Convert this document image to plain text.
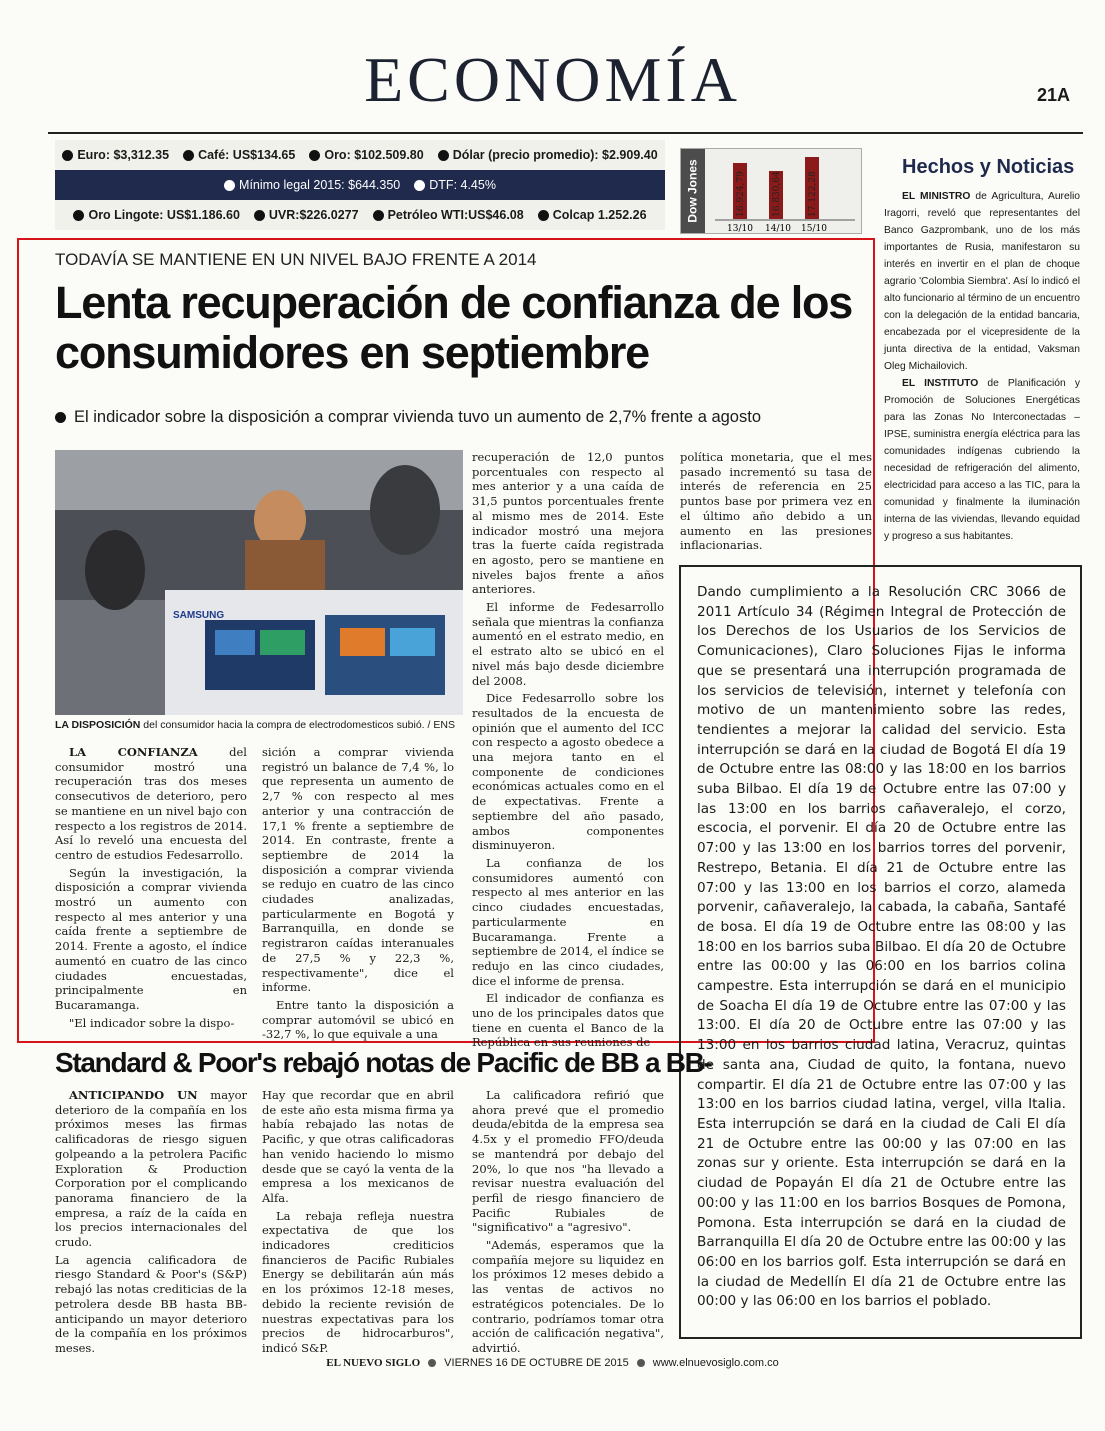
ECONOMÍA	21A
Euro: $3,312.35 Café: US$134.65 Oro: $102.509.80 Dólar (precio promedio): $2.909.40
Mínimo legal 2015: $644.350 DTF: 4.45%
Oro Lingote: US$1.186.60 UVR:$226.0277 Petróleo WTI:US$46.08 Colcap 1.252.26	Dow Jones	16.924,79	16.830,64	17.122,28
13/10 14/10 15/10
Hechos y Noticias

EL MINISTRO de Agricultura, Aurelio Iragorri, reveló que representantes del Banco Gazprombank, uno de los más importantes de Rusia, manifestaron su interés en invertir en el plan de choque agrario 'Colombia Siembra'. Así lo indicó el alto funcionario al término de un encuentro con la delegación de la entidad bancaria, encabezada por el vicepresidente de la junta directiva de la entidad, Vaksman Oleg Michailovich.

EL INSTITUTO de Planificación y Promoción de Soluciones Energéticas para las Zonas No Interconectadas – IPSE, suministra energía eléctrica para las comunidades indígenas cubriendo la necesidad de refrigeración del alimento, electricidad para acceso a las TIC, para la comunidad y finalmente la iluminación interna de las viviendas, llevando equidad y progreso a sus habitantes.

TODAVÍA SE MANTIENE EN UN NIVEL BAJO FRENTE A 2014
Lenta recuperación de confianza de los consumidores en septiembre
El indicador sobre la disposición a comprar vivienda tuvo un aumento de 2,7% frente a agosto
SAMSUNG
LA DISPOSICIÓN del consumidor hacia la compra de electrodomesticos subió. / ENS

LA CONFIANZA del consumidor mostró una recuperación tras dos meses consecutivos de deterioro, pero se mantiene en un nivel bajo con respecto a los registros de 2014. Así lo reveló una encuesta del centro de estudios Fedesarrollo.

Según la investigación, la disposición a comprar vivienda mostró un aumento con respecto al mes anterior y una caída frente a septiembre de 2014. Frente a agosto, el índice aumentó en cuatro de las cinco ciudades encuestadas, principalmente en Bucaramanga.

"El indicador sobre la dispo-

sición a comprar vivienda registró un balance de 7,4 %, lo que representa un aumento de 2,7 % con respecto al mes anterior y una contracción de 17,1 % frente a septiembre de 2014. En contraste, frente a septiembre de 2014 la disposición a comprar vivienda se redujo en cuatro de las cinco ciudades analizadas, particularmente en Bogotá y Barranquilla, en donde se registraron caídas interanuales de 27,5 % y 22,3 %, respectivamente", dice el informe.

Entre tanto la disposición a comprar automóvil se ubicó en -32,7 %, lo que equivale a una

recuperación de 12,0 puntos porcentuales con respecto al mes anterior y a una caída de 31,5 puntos porcentuales frente al mismo mes de 2014. Este indicador mostró una mejora tras la fuerte caída registrada en agosto, pero se mantiene en niveles bajos frente a años anteriores.

El informe de Fedesarrollo señala que mientras la confianza aumentó en el estrato medio, en el estrato alto se ubicó en el nivel más bajo desde diciembre del 2008.

Dice Fedesarrollo sobre los resultados de la encuesta de opinión que el aumento del ICC con respecto a agosto obedece a una mejora tanto en el componente de condiciones económicas actuales como en el de expectativas. Frente a septiembre del año pasado, ambos componentes disminuyeron.

La confianza de los consumidores aumentó con respecto al mes anterior en las cinco ciudades encuestadas, particularmente en Bucaramanga. Frente a septiembre de 2014, el índice se redujo en las cinco ciudades, dice el informe de prensa.

El indicador de confianza es uno de los principales datos que tiene en cuenta el Banco de la República en sus reuniones de

política monetaria, que el mes pasado incrementó su tasa de interés de referencia en 25 puntos base por primera vez en el último año debido a un aumento en las presiones inflacionarias.

Dando cumplimiento a la Resolución CRC 3066 de 2011 Artículo 34 (Régimen Integral de Protección de los Derechos de los Usuarios de los Servicios de Comunicaciones), Claro Soluciones Fijas le informa que se presentará una interrupción programada de los servicios de televisión, internet y telefonía con motivo de un mantenimiento sobre las redes, tendientes a mejorar la calidad del servicio. Esta interrupción se dará en la ciudad de Bogotá El día 19 de Octubre entre las 08:00 y las 18:00 en los barrios suba Bilbao. El día 19 de Octubre entre las 07:00 y las 13:00 en los barrios cañaveralejo, el corzo, escocia, el porvenir. El día 20 de Octubre entre las 07:00 y las 13:00 en los barrios torres del porvenir, Restrepo, Betania. El día 21 de Octubre entre las 07:00 y las 13:00 en los barrios el corzo, alameda porvenir, cañaveralejo, la cabada, la cabaña, Santafé de bosa. El día 19 de Octubre entre las 08:00 y las 18:00 en los barrios suba Bilbao. El día 20 de Octubre entre las 00:00 y las 06:00 en los barrios colina campestre. Esta interrupción se dará en el municipio de Soacha El día 19 de Octubre entre las 07:00 y las 13:00. El día 20 de Octubre entre las 07:00 y las 13:00 en los barrios ciudad latina, Veracruz, quintas de santa ana, Ciudad de quito, la fontana, nuevo compartir. El día 21 de Octubre entre las 07:00 y las 13:00 en los barrios ciudad latina, vergel, villa Italia. Esta interrupción se dará en la ciudad de Cali El día 21 de Octubre entre las 00:00 y las 07:00 en las zonas sur y oriente. Esta interrupción se dará en la ciudad de Popayán El día 21 de Octubre entre las 00:00 y las 11:00 en los barrios Bosques de Pomona, Pomona. Esta interrupción se dará en la ciudad de Barranquilla El día 20 de Octubre entre las 00:00 y las 06:00 en los barrios golf. Esta interrupción se dará en la ciudad de Medellín El día 21 de Octubre entre las 00:00 y las 06:00 en los barrios el poblado.
Standard & Poor's rebajó notas de Pacific de BB a BB-

ANTICIPANDO UN mayor deterioro de la compañía en los próximos meses las firmas calificadoras de riesgo siguen golpeando a la petrolera Pacific Exploration & Production Corporation por el complicando panorama financiero de la empresa, a raíz de la caída en los precios internacionales del crudo.

La agencia calificadora de riesgo Standard & Poor's (S&P) rebajó las notas crediticias de la petrolera desde BB hasta BB- anticipando un mayor deterioro de la compañía en los próximos meses.

Hay que recordar que en abril de este año esta misma firma ya había rebajado las notas de Pacific, y que otras calificadoras han venido haciendo lo mismo desde que se cayó la venta de la empresa a los mexicanos de Alfa.

La rebaja refleja nuestra expectativa de que los indicadores crediticios financieros de Pacific Rubiales Energy se debilitarán aún más en los próximos 12-18 meses, debido la reciente revisión de nuestras expectativas para los precios de hidrocarburos", indicó S&P.

La calificadora refirió que ahora prevé que el promedio deuda/ebitda de la empresa sea 4.5x y el promedio FFO/deuda se mantendrá por debajo del 20%, lo que nos "ha llevado a revisar nuestra evaluación del perfil de riesgo financiero de Pacific Rubiales de "significativo" a "agresivo".

"Además, esperamos que la compañía mejore su liquidez en los próximos 12 meses debido a las ventas de activos no estratégicos potenciales. De lo contrario, podríamos tomar otra acción de calificación negativa", advirtió.

EL NUEVO SIGLO VIERNES 16 DE OCTUBRE DE 2015 www.elnuevosiglo.com.co
